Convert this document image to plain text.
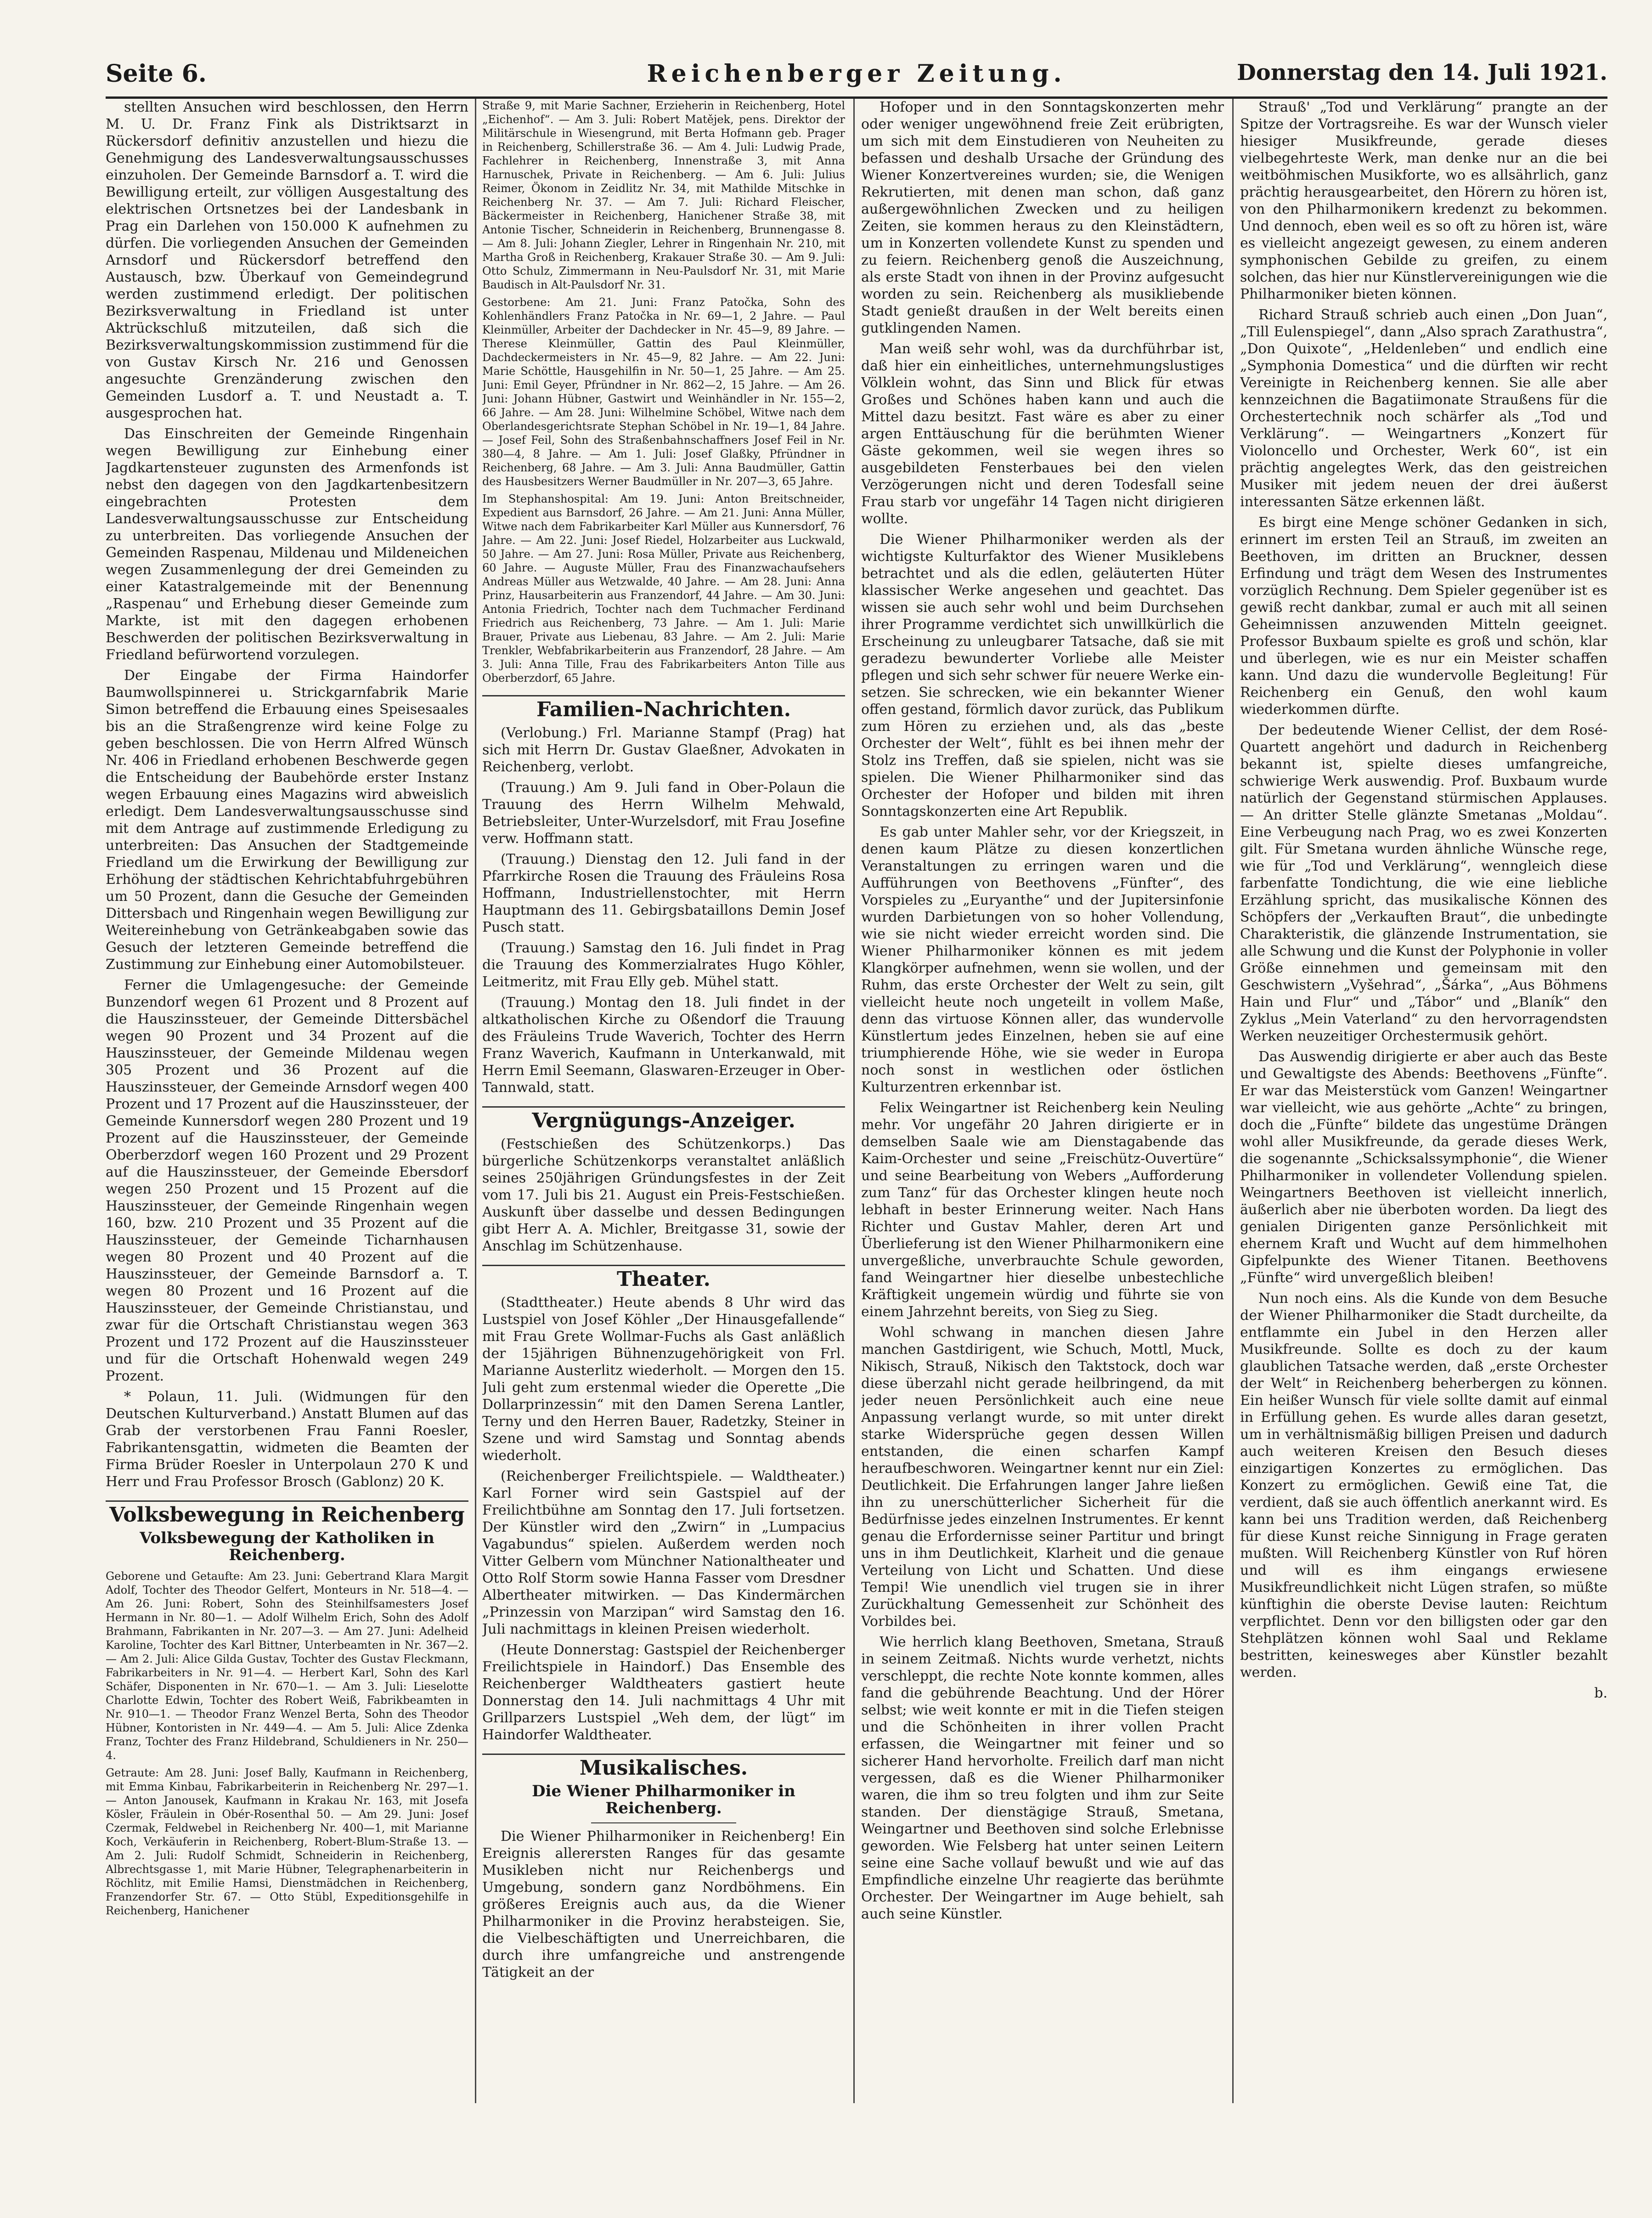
Seite 6.	Reichenberger Zeitung.	Donnerstag den 14. Juli 1921.

stellten Ansuchen wird beschlossen, den Herrn M. U. Dr. Franz Fink als Distriktsarzt in Rückersdorf definitiv anzustellen und hiezu die Genehmigung des Landesverwaltungsausschusses einzuholen. Der Gemeinde Barnsdorf a. T. wird die Bewilligung erteilt, zur völligen Ausgestaltung des elektrischen Ortsnetzes bei der Landesbank in Prag ein Darlehen von 150.000 K aufnehmen zu dürfen. Die vorliegenden Ansuchen der Gemeinden Arnsdorf und Rückersdorf betreffend den Austausch, bzw. Überkauf von Gemeindegrund werden zustimmend erledigt. Der politischen Bezirksverwaltung in Friedland ist unter Aktrückschluß mitzuteilen, daß sich die Bezirksverwaltungskommission zustimmend für die von Gustav Kirsch Nr. 216 und Genossen angesuchte Grenzänderung zwischen den Gemeinden Lusdorf a. T. und Neustadt a. T. ausgesprochen hat.

Das Einschreiten der Gemeinde Ringenhain wegen Bewilligung zur Einhebung einer Jagdkartensteuer zugunsten des Armenfonds ist nebst den dagegen von den Jagdkartenbesitzern eingebrachten Protesten dem Landesverwaltungsausschusse zur Entscheidung zu unterbreiten. Das vorliegende Ansuchen der Gemeinden Raspenau, Mildenau und Mildeneichen wegen Zusammenlegung der drei Gemeinden zu einer Katastralgemeinde mit der Benennung „Raspenau“ und Erhebung dieser Gemeinde zum Markte, ist mit den dagegen erhobenen Beschwerden der politischen Bezirksverwaltung in Friedland befürwortend vorzulegen.

Der Eingabe der Firma Haindorfer Baumwollspinnerei u. Strickgarnfabrik Marie Simon betreffend die Erbauung eines Speisesaales bis an die Straßengrenze wird keine Folge zu geben beschlossen. Die von Herrn Alfred Wünsch Nr. 406 in Friedland erhobenen Beschwerde gegen die Entscheidung der Baubehörde erster Instanz wegen Erbauung eines Magazins wird abweislich erledigt. Dem Landesverwaltungsausschusse sind mit dem Antrage auf zustimmende Erledigung zu unterbreiten: Das Ansuchen der Stadtgemeinde Friedland um die Erwirkung der Bewilligung zur Erhöhung der städtischen Kehrichtabfuhrgebühren um 50 Prozent, dann die Gesuche der Gemeinden Dittersbach und Ringenhain wegen Bewilligung zur Weitereinhebung von Getränkeabgaben sowie das Gesuch der letzteren Gemeinde betreffend die Zustimmung zur Einhebung einer Automobilsteuer.

Ferner die Umlagengesuche: der Gemeinde Bunzendorf wegen 61 Prozent und 8 Prozent auf die Hauszinssteuer, der Gemeinde Dittersbächel wegen 90 Prozent und 34 Prozent auf die Hauszinssteuer, der Gemeinde Mildenau wegen 305 Prozent und 36 Prozent auf die Hauszinssteuer, der Gemeinde Arnsdorf wegen 400 Prozent und 17 Prozent auf die Hauszinssteuer, der Gemeinde Kunnersdorf wegen 280 Prozent und 19 Prozent auf die Hauszinssteuer, der Gemeinde Oberberzdorf wegen 160 Prozent und 29 Prozent auf die Hauszinssteuer, der Gemeinde Ebersdorf wegen 250 Prozent und 15 Prozent auf die Hauszinssteuer, der Gemeinde Ringenhain wegen 160, bzw. 210 Prozent und 35 Prozent auf die Hauszinssteuer, der Gemeinde Ticharnhausen wegen 80 Prozent und 40 Prozent auf die Hauszinssteuer, der Gemeinde Barnsdorf a. T. wegen 80 Prozent und 16 Prozent auf die Hauszinssteuer, der Gemeinde Christianstau, und zwar für die Ortschaft Christianstau wegen 363 Prozent und 172 Prozent auf die Hauszinssteuer und für die Ortschaft Hohenwald wegen 249 Prozent.

* Polaun, 11. Juli. (Widmungen für den Deutschen Kulturverband.) Anstatt Blumen auf das Grab der verstorbenen Frau Fanni Roesler, Fabrikantensgattin, widmeten die Beamten der Firma Brüder Roesler in Unterpolaun 270 K und Herr und Frau Professor Brosch (Gablonz) 20 K.

Volksbewegung in Reichenberg
Volksbewegung der Katholiken in Reichenberg.

Geborene und Getaufte: Am 23. Juni: Gebertrand Klara Margit Adolf, Tochter des Theodor Gelfert, Monteurs in Nr. 518—4. — Am 26. Juni: Robert, Sohn des Steinhilfsamesters Josef Hermann in Nr. 80—1. — Adolf Wilhelm Erich, Sohn des Adolf Brahmann, Fabrikanten in Nr. 207—3. — Am 27. Juni: Adelheid Karoline, Tochter des Karl Bittner, Unterbeamten in Nr. 367—2. — Am 2. Juli: Alice Gilda Gustav, Tochter des Gustav Fleckmann, Fabrikarbeiters in Nr. 91—4. — Herbert Karl, Sohn des Karl Schäfer, Disponenten in Nr. 670—1. — Am 3. Juli: Lieselotte Charlotte Edwin, Tochter des Robert Weiß, Fabrikbeamten in Nr. 910—1. — Theodor Franz Wenzel Berta, Sohn des Theodor Hübner, Kontoristen in Nr. 449—4. — Am 5. Juli: Alice Zdenka Franz, Tochter des Franz Hildebrand, Schuldieners in Nr. 250—4.

Getraute: Am 28. Juni: Josef Bally, Kaufmann in Reichenberg, mit Emma Kinbau, Fabrikarbeiterin in Reichenberg Nr. 297—1. — Anton Janousek, Kaufmann in Krakau Nr. 163, mit Josefa Kösler, Fräulein in Obér-Rosenthal 50. — Am 29. Juni: Josef Czermak, Feldwebel in Reichenberg Nr. 400—1, mit Marianne Koch, Verkäuferin in Reichenberg, Robert-Blum-Straße 13. — Am 2. Juli: Rudolf Schmidt, Schneiderin in Reichenberg, Albrechtsgasse 1, mit Marie Hübner, Telegraphenarbeiterin in Röchlitz, mit Emilie Hamsi, Dienstmädchen in Reichenberg, Franzendorfer Str. 67. — Otto Stübl, Expeditionsgehilfe in Reichenberg, Hanichener

Straße 9, mit Marie Sachner, Erzieherin in Reichenberg, Hotel „Eichenhof“. — Am 3. Juli: Robert Matějek, pens. Direktor der Militärschule in Wiesengrund, mit Berta Hofmann geb. Prager in Reichenberg, Schillerstraße 36. — Am 4. Juli: Ludwig Prade, Fachlehrer in Reichenberg, Innenstraße 3, mit Anna Harnuschek, Private in Reichenberg. — Am 6. Juli: Julius Reimer, Ökonom in Zeidlitz Nr. 34, mit Mathilde Mitschke in Reichenberg Nr. 37. — Am 7. Juli: Richard Fleischer, Bäckermeister in Reichenberg, Hanichener Straße 38, mit Antonie Tischer, Schneiderin in Reichenberg, Brunnengasse 8. — Am 8. Juli: Johann Ziegler, Lehrer in Ringenhain Nr. 210, mit Martha Groß in Reichenberg, Krakauer Straße 30. — Am 9. Juli: Otto Schulz, Zimmermann in Neu-Paulsdorf Nr. 31, mit Marie Baudisch in Alt-Paulsdorf Nr. 31.

Gestorbene: Am 21. Juni: Franz Patočka, Sohn des Kohlenhändlers Franz Patočka in Nr. 69—1, 2 Jahre. — Paul Kleinmüller, Arbeiter der Dachdecker in Nr. 45—9, 89 Jahre. — Therese Kleinmüller, Gattin des Paul Kleinmüller, Dachdeckermeisters in Nr. 45—9, 82 Jahre. — Am 22. Juni: Marie Schöttle, Hausgehilfin in Nr. 50—1, 25 Jahre. — Am 25. Juni: Emil Geyer, Pfründner in Nr. 862—2, 15 Jahre. — Am 26. Juni: Johann Hübner, Gastwirt und Weinhändler in Nr. 155—2, 66 Jahre. — Am 28. Juni: Wilhelmine Schöbel, Witwe nach dem Oberlandesgerichtsrate Stephan Schöbel in Nr. 19—1, 84 Jahre. — Josef Feil, Sohn des Straßenbahnschaffners Josef Feil in Nr. 380—4, 8 Jahre. — Am 1. Juli: Josef Glaßky, Pfründner in Reichenberg, 68 Jahre. — Am 3. Juli: Anna Baudmüller, Gattin des Hausbesitzers Werner Baudmüller in Nr. 207—3, 65 Jahre.

Im Stephanshospital: Am 19. Juni: Anton Breitschneider, Expedient aus Barnsdorf, 26 Jahre. — Am 21. Juni: Anna Müller, Witwe nach dem Fabrikarbeiter Karl Müller aus Kunnersdorf, 76 Jahre. — Am 22. Juni: Josef Riedel, Holzarbeiter aus Luckwald, 50 Jahre. — Am 27. Juni: Rosa Müller, Private aus Reichenberg, 60 Jahre. — Auguste Müller, Frau des Finanzwachaufsehers Andreas Müller aus Wetzwalde, 40 Jahre. — Am 28. Juni: Anna Prinz, Hausarbeiterin aus Franzendorf, 44 Jahre. — Am 30. Juni: Antonia Friedrich, Tochter nach dem Tuchmacher Ferdinand Friedrich aus Reichenberg, 73 Jahre. — Am 1. Juli: Marie Brauer, Private aus Liebenau, 83 Jahre. — Am 2. Juli: Marie Trenkler, Webfabrikarbeiterin aus Franzendorf, 28 Jahre. — Am 3. Juli: Anna Tille, Frau des Fabrikarbeiters Anton Tille aus Oberberzdorf, 65 Jahre.

Familien-Nachrichten.

(Verlobung.) Frl. Marianne Stampf (Prag) hat sich mit Herrn Dr. Gustav Glaeßner, Advokaten in Reichenberg, verlobt.

(Trauung.) Am 9. Juli fand in Ober-Polaun die Trauung des Herrn Wilhelm Mehwald, Betriebsleiter, Unter-Wurzelsdorf, mit Frau Josefine verw. Hoffmann statt.

(Trauung.) Dienstag den 12. Juli fand in der Pfarrkirche Rosen die Trauung des Fräuleins Rosa Hoffmann, Industriellenstochter, mit Herrn Hauptmann des 11. Gebirgsbataillons Demin Josef Pusch statt.

(Trauung.) Samstag den 16. Juli findet in Prag die Trauung des Kommerzialrates Hugo Köhler, Leitmeritz, mit Frau Elly geb. Mühel statt.

(Trauung.) Montag den 18. Juli findet in der altkatholischen Kirche zu Oßendorf die Trauung des Fräuleins Trude Waverich, Tochter des Herrn Franz Waverich, Kaufmann in Unterkanwald, mit Herrn Emil Seemann, Glaswaren-Erzeuger in Ober-Tannwald, statt.

Vergnügungs-Anzeiger.

(Festschießen des Schützenkorps.) Das bürgerliche Schützenkorps veranstaltet anläßlich seines 250jährigen Gründungsfestes in der Zeit vom 17. Juli bis 21. August ein Preis-Festschießen. Auskunft über dasselbe und dessen Bedingungen gibt Herr A. A. Michler, Breitgasse 31, sowie der Anschlag im Schützenhause.

Theater.

(Stadttheater.) Heute abends 8 Uhr wird das Lustspiel von Josef Köhler „Der Hinausgefallende“ mit Frau Grete Wollmar-Fuchs als Gast anläßlich der 15jährigen Bühnenzugehörigkeit von Frl. Marianne Austerlitz wiederholt. — Morgen den 15. Juli geht zum erstenmal wieder die Operette „Die Dollarprinzessin“ mit den Damen Serena Lantler, Terny und den Herren Bauer, Radetzky, Steiner in Szene und wird Samstag und Sonntag abends wiederholt.

(Reichenberger Freilichtspiele. — Waldtheater.) Karl Forner wird sein Gastspiel auf der Freilichtbühne am Sonntag den 17. Juli fortsetzen. Der Künstler wird den „Zwirn“ in „Lumpacius Vagabundus“ spielen. Außerdem werden noch Vitter Gelbern vom Münchner Nationaltheater und Otto Rolf Storm sowie Hanna Fasser vom Dresdner Albertheater mitwirken. — Das Kindermärchen „Prinzessin von Marzipan“ wird Samstag den 16. Juli nachmittags in kleinen Preisen wiederholt.

(Heute Donnerstag: Gastspiel der Reichenberger Freilichtspiele in Haindorf.) Das Ensemble des Reichenberger Waldtheaters gastiert heute Donnerstag den 14. Juli nachmittags 4 Uhr mit Grillparzers Lustspiel „Weh dem, der lügt“ im Haindorfer Waldtheater.

Musikalisches.
Die Wiener Philharmoniker in Reichenberg.

Die Wiener Philharmoniker in Reichenberg! Ein Ereignis allerersten Ranges für das gesamte Musikleben nicht nur Reichenbergs und Umgebung, sondern ganz Nordböhmens. Ein größeres Ereignis auch aus, da die Wiener Philharmoniker in die Provinz herabsteigen. Sie, die Vielbeschäftigten und Unerreichbaren, die durch ihre umfangreiche und anstrengende Tätigkeit an der

Hofoper und in den Sonntagskonzerten mehr oder weniger ungewöhnend freie Zeit erübrigten, um sich mit dem Einstudieren von Neuheiten zu befassen und deshalb Ursache der Gründung des Wiener Konzertvereines wurden; sie, die Wenigen Rekrutierten, mit denen man schon, daß ganz außergewöhnlichen Zwecken und zu heiligen Zeiten, sie kommen heraus zu den Kleinstädtern, um in Konzerten vollendete Kunst zu spenden und zu feiern. Reichenberg genoß die Auszeichnung, als erste Stadt von ihnen in der Provinz aufgesucht worden zu sein. Reichenberg als musikliebende Stadt genießt draußen in der Welt bereits einen gutklingenden Namen.

Man weiß sehr wohl, was da durchführbar ist, daß hier ein einheitliches, unternehmungslustiges Völklein wohnt, das Sinn und Blick für etwas Großes und Schönes haben kann und auch die Mittel dazu besitzt. Fast wäre es aber zu einer argen Enttäuschung für die berühmten Wiener Gäste gekommen, weil sie wegen ihres so ausgebildeten Fensterbaues bei den vielen Verzögerungen nicht und deren Todesfall seine Frau starb vor ungefähr 14 Tagen nicht dirigieren wollte.

Die Wiener Philharmoniker werden als der wichtigste Kulturfaktor des Wiener Musiklebens betrachtet und als die edlen, geläuterten Hüter klassischer Werke angesehen und geachtet. Das wissen sie auch sehr wohl und beim Durchsehen ihrer Programme verdichtet sich unwillkürlich die Erscheinung zu unleugbarer Tatsache, daß sie mit geradezu bewunderter Vorliebe alle Meister pflegen und sich sehr schwer für neuere Werke ein-setzen. Sie schrecken, wie ein bekannter Wiener offen gestand, förmlich davor zurück, das Publikum zum Hören zu erziehen und, als das „beste Orchester der Welt“, fühlt es bei ihnen mehr der Stolz ins Treffen, daß sie spielen, nicht was sie spielen. Die Wiener Philharmoniker sind das Orchester der Hofoper und bilden mit ihren Sonntagskonzerten eine Art Republik.

Es gab unter Mahler sehr, vor der Kriegszeit, in denen kaum Plätze zu diesen konzertlichen Veranstaltungen zu erringen waren und die Aufführungen von Beethovens „Fünfter“, des Vorspieles zu „Euryanthe“ und der Jupitersinfonie wurden Darbietungen von so hoher Vollendung, wie sie nicht wieder erreicht worden sind. Die Wiener Philharmoniker können es mit jedem Klangkörper aufnehmen, wenn sie wollen, und der Ruhm, das erste Orchester der Welt zu sein, gilt vielleicht heute noch ungeteilt in vollem Maße, denn das virtuose Können aller, das wundervolle Künstlertum jedes Einzelnen, heben sie auf eine triumphierende Höhe, wie sie weder in Europa noch sonst in westlichen oder östlichen Kulturzentren erkennbar ist.

Felix Weingartner ist Reichenberg kein Neuling mehr. Vor ungefähr 20 Jahren dirigierte er in demselben Saale wie am Dienstagabende das Kaim-Orchester und seine „Freischütz-Ouvertüre“ und seine Bearbeitung von Webers „Aufforderung zum Tanz“ für das Orchester klingen heute noch lebhaft in bester Erinnerung weiter. Nach Hans Richter und Gustav Mahler, deren Art und Überlieferung ist den Wiener Philharmonikern eine unvergeßliche, unverbrauchte Schule geworden, fand Weingartner hier dieselbe unbestechliche Kräftigkeit ungemein würdig und führte sie von einem Jahrzehnt bereits, von Sieg zu Sieg.

Wohl schwang in manchen diesen Jahre manchen Gastdirigent, wie Schuch, Mottl, Muck, Nikisch, Strauß, Nikisch den Taktstock, doch war diese überzahl nicht gerade heilbringend, da mit jeder neuen Persönlichkeit auch eine neue Anpassung verlangt wurde, so mit unter direkt starke Widersprüche gegen dessen Willen entstanden, die einen scharfen Kampf heraufbeschworen. Weingartner kennt nur ein Ziel: Deutlichkeit. Die Erfahrungen langer Jahre ließen ihn zu unerschütterlicher Sicherheit für die Bedürfnisse jedes einzelnen Instrumentes. Er kennt genau die Erfordernisse seiner Partitur und bringt uns in ihm Deutlichkeit, Klarheit und die genaue Verteilung von Licht und Schatten. Und diese Tempi! Wie unendlich viel trugen sie in ihrer Zurückhaltung Gemessenheit zur Schönheit des Vorbildes bei.

Wie herrlich klang Beethoven, Smetana, Strauß in seinem Zeitmaß. Nichts wurde verhetzt, nichts verschleppt, die rechte Note konnte kommen, alles fand die gebührende Beachtung. Und der Hörer selbst; wie weit konnte er mit in die Tiefen steigen und die Schönheiten in ihrer vollen Pracht erfassen, die Weingartner mit feiner und so sicherer Hand hervorholte. Freilich darf man nicht vergessen, daß es die Wiener Philharmoniker waren, die ihm so treu folgten und ihm zur Seite standen. Der dienstägige Strauß, Smetana, Weingartner und Beethoven sind solche Erlebnisse geworden. Wie Felsberg hat unter seinen Leitern seine eine Sache vollauf bewußt und wie auf das Empfindliche einzelne Uhr reagierte das berühmte Orchester. Der Weingartner im Auge behielt, sah auch seine Künstler.

Strauß' „Tod und Verklärung“ prangte an der Spitze der Vortragsreihe. Es war der Wunsch vieler hiesiger Musikfreunde, gerade dieses vielbegehrteste Werk, man denke nur an die bei weitböhmischen Musikforte, wo es allsährlich, ganz prächtig herausgearbeitet, den Hörern zu hören ist, von den Philharmonikern kredenzt zu bekommen. Und dennoch, eben weil es so oft zu hören ist, wäre es vielleicht angezeigt gewesen, zu einem anderen symphonischen Gebilde zu greifen, zu einem solchen, das hier nur Künstlervereinigungen wie die Philharmoniker bieten können.

Richard Strauß schrieb auch einen „Don Juan“, „Till Eulenspiegel“, dann „Also sprach Zarathustra“, „Don Quixote“, „Heldenleben“ und endlich eine „Symphonia Domestica“ und die dürften wir recht Vereinigte in Reichenberg kennen. Sie alle aber kennzeichnen die Bagatiimonate Straußens für die Orchestertechnik noch schärfer als „Tod und Verklärung“. — Weingartners „Konzert für Violoncello und Orchester, Werk 60“, ist ein prächtig angelegtes Werk, das den geistreichen Musiker mit jedem neuen der drei äußerst interessanten Sätze erkennen läßt.

Es birgt eine Menge schöner Gedanken in sich, erinnert im ersten Teil an Strauß, im zweiten an Beethoven, im dritten an Bruckner, dessen Erfindung und trägt dem Wesen des Instrumentes vorzüglich Rechnung. Dem Spieler gegenüber ist es gewiß recht dankbar, zumal er auch mit all seinen Geheimnissen anzuwenden Mitteln geeignet. Professor Buxbaum spielte es groß und schön, klar und überlegen, wie es nur ein Meister schaffen kann. Und dazu die wundervolle Begleitung! Für Reichenberg ein Genuß, den wohl kaum wiederkommen dürfte.

Der bedeutende Wiener Cellist, der dem Rosé-Quartett angehört und dadurch in Reichenberg bekannt ist, spielte dieses umfangreiche, schwierige Werk auswendig. Prof. Buxbaum wurde natürlich der Gegenstand stürmischen Applauses. — An dritter Stelle glänzte Smetanas „Moldau“. Eine Verbeugung nach Prag, wo es zwei Konzerten gilt. Für Smetana wurden ähnliche Wünsche rege, wie für „Tod und Verklärung“, wenngleich diese farbenfatte Tondichtung, die wie eine liebliche Erzählung spricht, das musikalische Können des Schöpfers der „Verkauften Braut“, die unbedingte Charakteristik, die glänzende Instrumentation, sie alle Schwung und die Kunst der Polyphonie in voller Größe einnehmen und gemeinsam mit den Geschwistern „Vyšehrad“, „Šárka“, „Aus Böhmens Hain und Flur“ und „Tábor“ und „Blaník“ den Zyklus „Mein Vaterland“ zu den hervorragendsten Werken neuzeitiger Orchestermusik gehört.

Das Auswendig dirigierte er aber auch das Beste und Gewaltigste des Abends: Beethovens „Fünfte“. Er war das Meisterstück vom Ganzen! Weingartner war vielleicht, wie aus gehörte „Achte“ zu bringen, doch die „Fünfte“ bildete das ungestüme Drängen wohl aller Musikfreunde, da gerade dieses Werk, die sogenannte „Schicksalssymphonie“, die Wiener Philharmoniker in vollendeter Vollendung spielen. Weingartners Beethoven ist vielleicht innerlich, äußerlich aber nie überboten worden. Da liegt des genialen Dirigenten ganze Persönlichkeit mit ehernem Kraft und Wucht auf dem himmelhohen Gipfelpunkte des Wiener Titanen. Beethovens „Fünfte“ wird unvergeßlich bleiben!

Nun noch eins. Als die Kunde von dem Besuche der Wiener Philharmoniker die Stadt durcheilte, da entflammte ein Jubel in den Herzen aller Musikfreunde. Sollte es doch zu der kaum glaublichen Tatsache werden, daß „erste Orchester der Welt“ in Reichenberg beherbergen zu können. Ein heißer Wunsch für viele sollte damit auf einmal in Erfüllung gehen. Es wurde alles daran gesetzt, um in verhältnismäßig billigen Preisen und dadurch auch weiteren Kreisen den Besuch dieses einzigartigen Konzertes zu ermöglichen. Das Konzert zu ermöglichen. Gewiß eine Tat, die verdient, daß sie auch öffentlich anerkannt wird. Es kann bei uns Tradition werden, daß Reichenberg für diese Kunst reiche Sinnigung in Frage geraten mußten. Will Reichenberg Künstler von Ruf hören und will es ihm eingangs erwiesene Musikfreundlichkeit nicht Lügen strafen, so müßte künftighin die oberste Devise lauten: Reichtum verpflichtet. Denn vor den billigsten oder gar den Stehplätzen können wohl Saal und Reklame bestritten, keinesweges aber Künstler bezahlt werden.

b.
